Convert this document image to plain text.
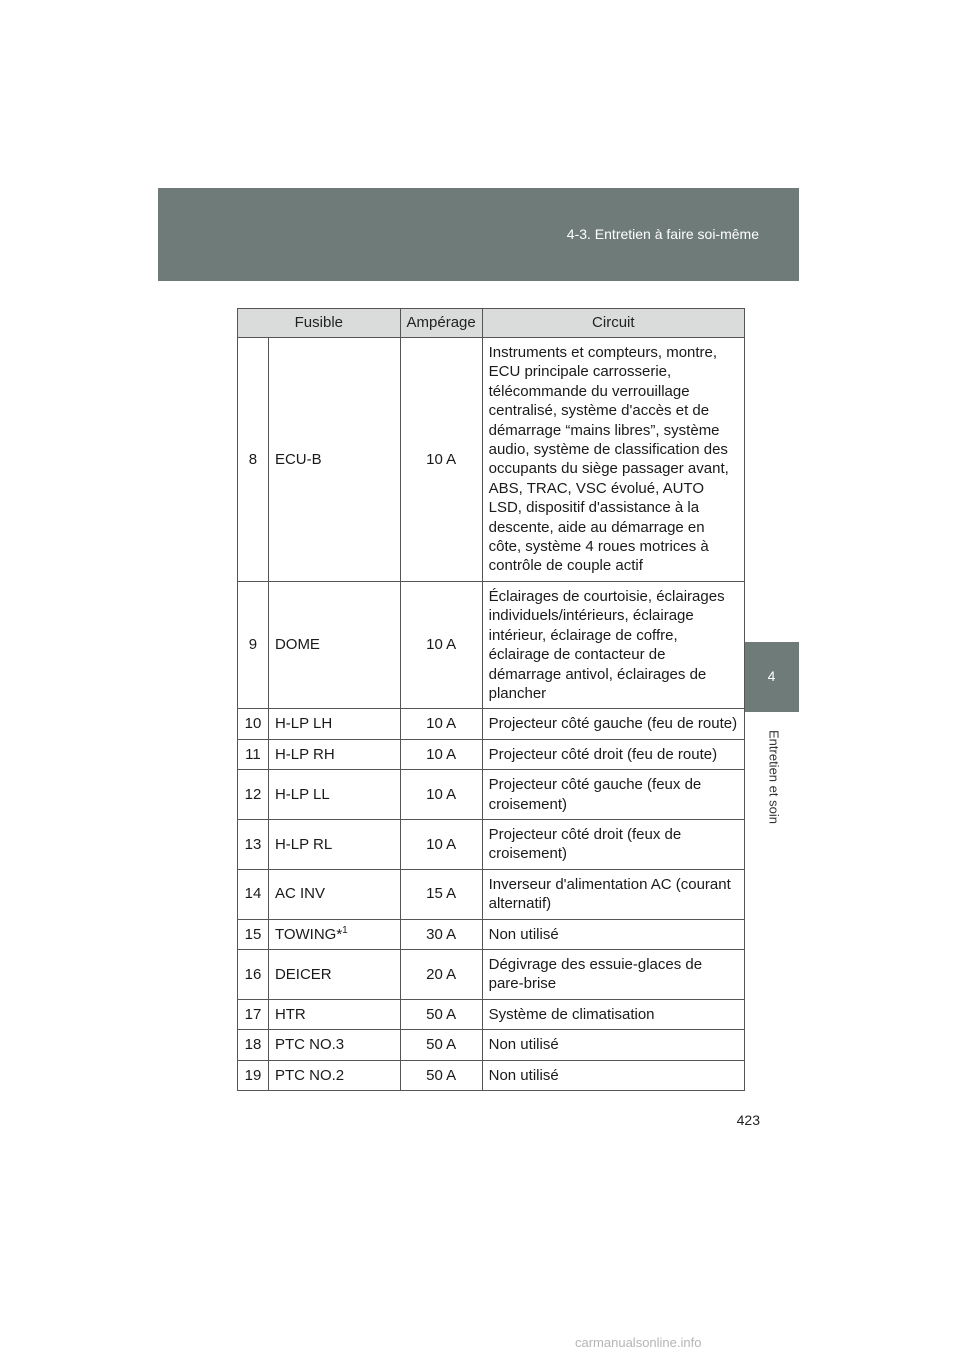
4-3. Entretien à faire soi-même
4
Entretien et soin
Fusible		Ampérage	Circuit
8	ECU-B	10 A	Instruments et compteurs, montre, ECU principale carrosserie, télécommande du verrouillage centralisé, système d'accès et de démarrage “mains libres”, système audio, système de classification des occupants du siège passager avant, ABS, TRAC, VSC évolué, AUTO LSD, dispositif d'assistance à la descente, aide au démarrage en côte, système 4 roues motrices à contrôle de couple actif
9	DOME	10 A	Éclairages de courtoisie, éclairages individuels/intérieurs, éclairage intérieur, éclairage de coffre, éclairage de contacteur de démarrage antivol, éclairages de plancher
10	H-LP LH	10 A	Projecteur côté gauche (feu de route)
11	H-LP RH	10 A	Projecteur côté droit (feu de route)
12	H-LP LL	10 A	Projecteur côté gauche (feux de croisement)
13	H-LP RL	10 A	Projecteur côté droit (feux de croisement)
14	AC INV	15 A	Inverseur d'alimentation AC (courant alternatif)
15	TOWING*$^1$	30 A	Non utilisé
16	DEICER	20 A	Dégivrage des essuie-glaces de pare-brise
17	HTR	50 A	Système de climatisation
18	PTC NO.3	50 A	Non utilisé
19	PTC NO.2	50 A	Non utilisé
423
carmanualsonline.info
